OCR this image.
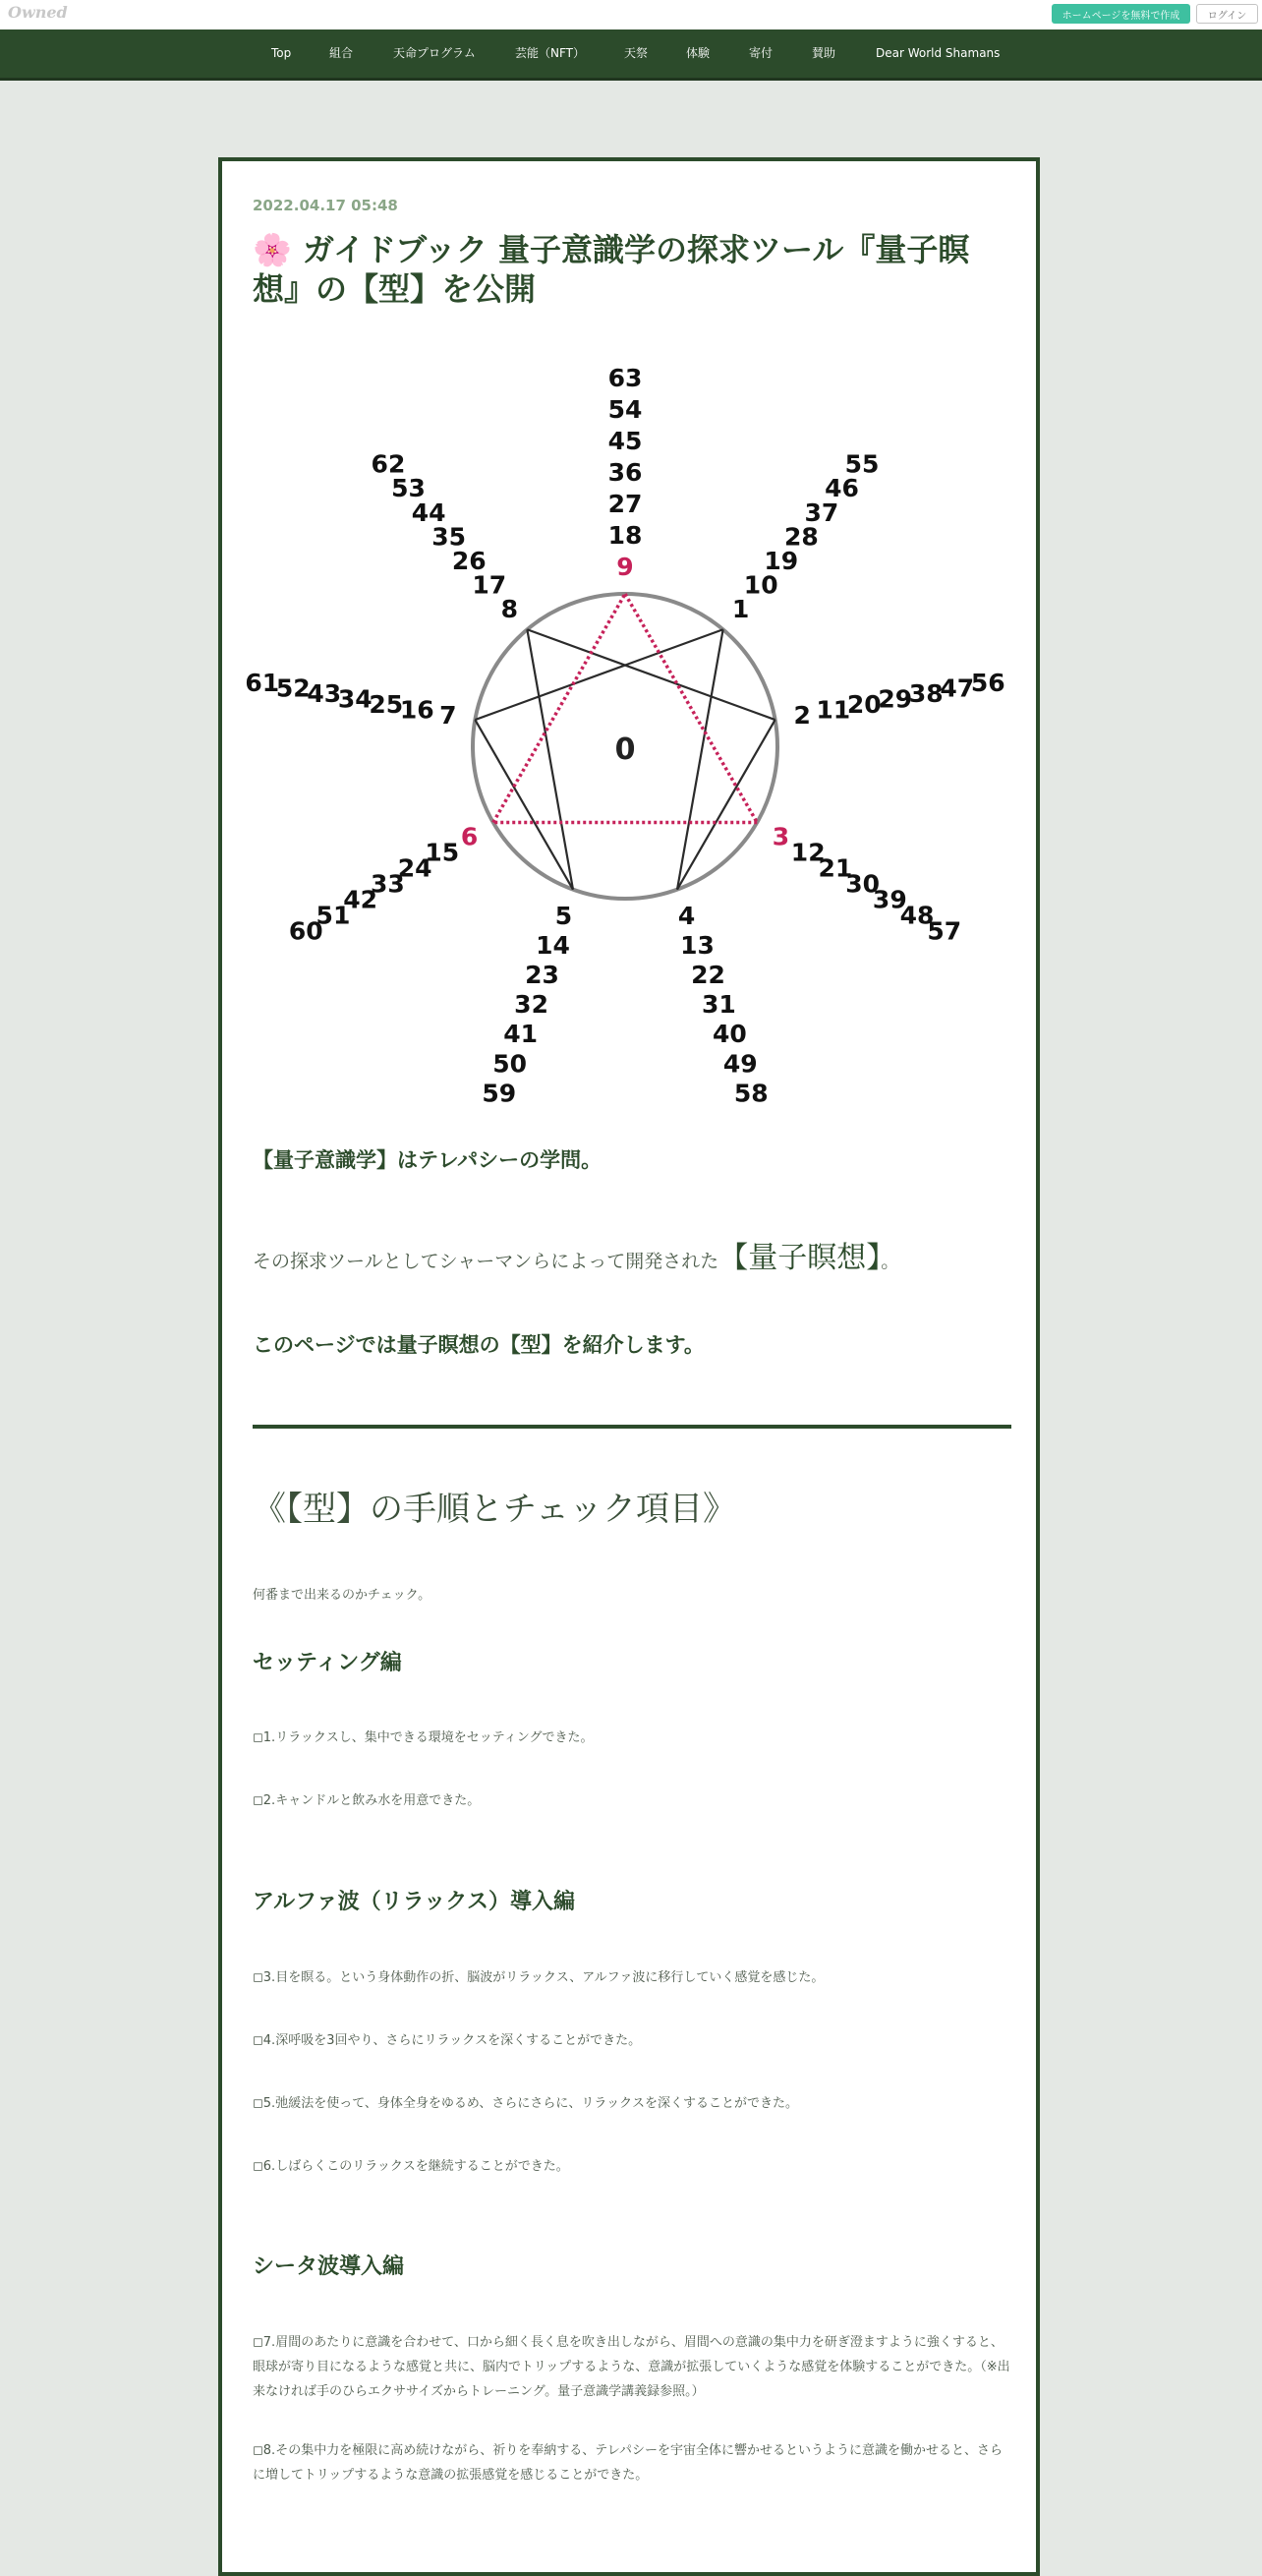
Owned	ホームページを無料で作成	ログイン
Top	組合	天命プログラム	芸能（NFT）	天祭	体験	寄付	賛助	Dear World Shamans
2022.04.17 05:48
🌸 ガイドブック 量子意識学の探求ツール『量子瞑想』の【型】を公開
0
9
18
27
36
45
54
63
1
10
19
28
37
46
55
2 11
20
29
38
47
56
3
12
21
30
39
48
57
4
13
22
31
40
49
58
5
14
23
32
41
50
59
6
15
24
33
42
51
60
7
16
25
34
43
52
61
8
17
26
35
44
53
62
【量子意識学】はテレパシーの学問。
その探求ツールとしてシャーマンらによって開発された【量子瞑想】。
このページでは量子瞑想の【型】を紹介します。
《【型】の手順とチェック項目》
何番まで出来るのかチェック。
セッティング編
◻︎1.リラックスし、集中できる環境をセッティングできた。
◻︎2.キャンドルと飲み水を用意できた。
アルファ波（リラックス）導入編
◻︎3.目を瞑る。という身体動作の折、脳波がリラックス、アルファ波に移行していく感覚を感じた。
◻︎4.深呼吸を3回やり、さらにリラックスを深くすることができた。
◻︎5.弛緩法を使って、身体全身をゆるめ、さらにさらに、リラックスを深くすることができた。
◻︎6.しばらくこのリラックスを継続することができた。
シータ波導入編
◻︎7.眉間のあたりに意識を合わせて、口から細く長く息を吹き出しながら、眉間への意識の集中力を研ぎ澄ますように強くすると、眼球が寄り目になるような感覚と共に、脳内でトリップするような、意識が拡張していくような感覚を体験することができた。（※出来なければ手のひらエクササイズからトレーニング。量子意識学講義録参照。）
◻︎8.その集中力を極限に高め続けながら、祈りを奉納する、テレパシーを宇宙全体に響かせるというように意識を働かせると、さらに増してトリップするような意識の拡張感覚を感じることができた。
